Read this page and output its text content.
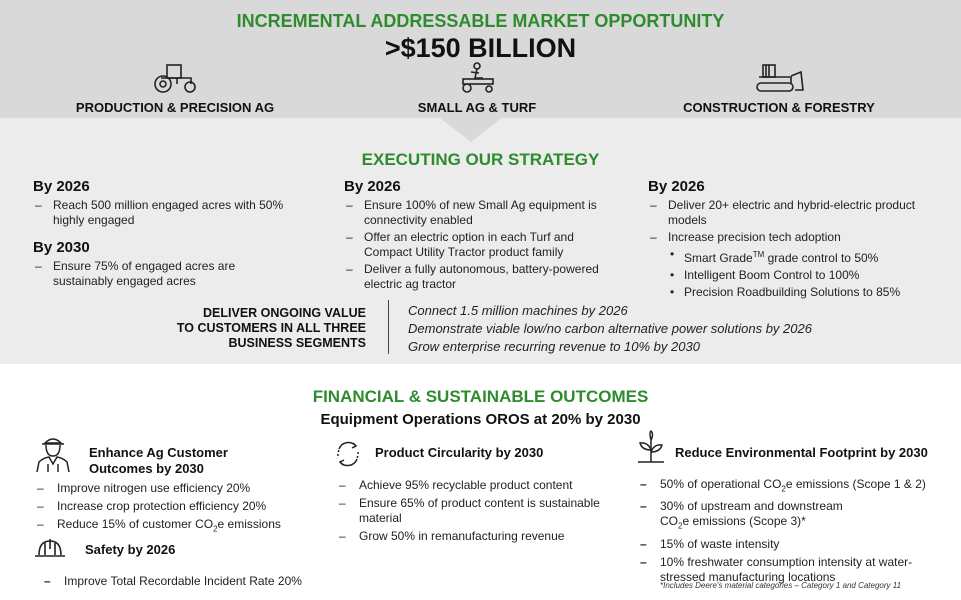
INCREMENTAL ADDRESSABLE MARKET OPPORTUNITY
>$150 BILLION
PRODUCTION & PRECISION AG	SMALL AG & TURF	CONSTRUCTION & FORESTRY
EXECUTING OUR STRATEGY
By 2026
– Reach 500 million engaged acres with 50% highly engaged
By 2030
– Ensure 75% of engaged acres are sustainably engaged acres
By 2026
– Ensure 100% of new Small Ag equipment is connectivity enabled
– Offer an electric option in each Turf and Compact Utility Tractor product family
– Deliver a fully autonomous, battery-powered electric ag tractor
By 2026
– Deliver 20+ electric and hybrid-electric product models
– Increase precision tech adoption
• Smart Grade™ grade control to 50%
• Intelligent Boom Control to 100%
• Precision Roadbuilding Solutions to 85%
DELIVER ONGOING VALUE
TO CUSTOMERS IN ALL THREE
BUSINESS SEGMENTS
Connect 1.5 million machines by 2026
Demonstrate viable low/no carbon alternative power solutions by 2026
Grow enterprise recurring revenue to 10% by 2030
FINANCIAL & SUSTAINABLE OUTCOMES
Equipment Operations OROS at 20% by 2030
Enhance Ag Customer
Outcomes by 2030
– Improve nitrogen use efficiency 20%
– Increase crop protection efficiency 20%
– Reduce 15% of customer $CO_2e$ emissions
Safety by 2026
– Improve Total Recordable Incident Rate 20%
Product Circularity by 2030
– Achieve 95% recyclable product content
– Ensure 65% of product content is sustainable material
– Grow 50% in remanufacturing revenue
Reduce Environmental Footprint by 2030
– 50% of operational $CO_2e$ emissions (Scope 1 & 2)
– 30% of upstream and downstream
$CO_2e$ emissions (Scope 3)*
– 15% of waste intensity
– 10% freshwater consumption intensity at water-stressed manufacturing locations
*Includes Deere's material categories – Category 1 and Category 11
